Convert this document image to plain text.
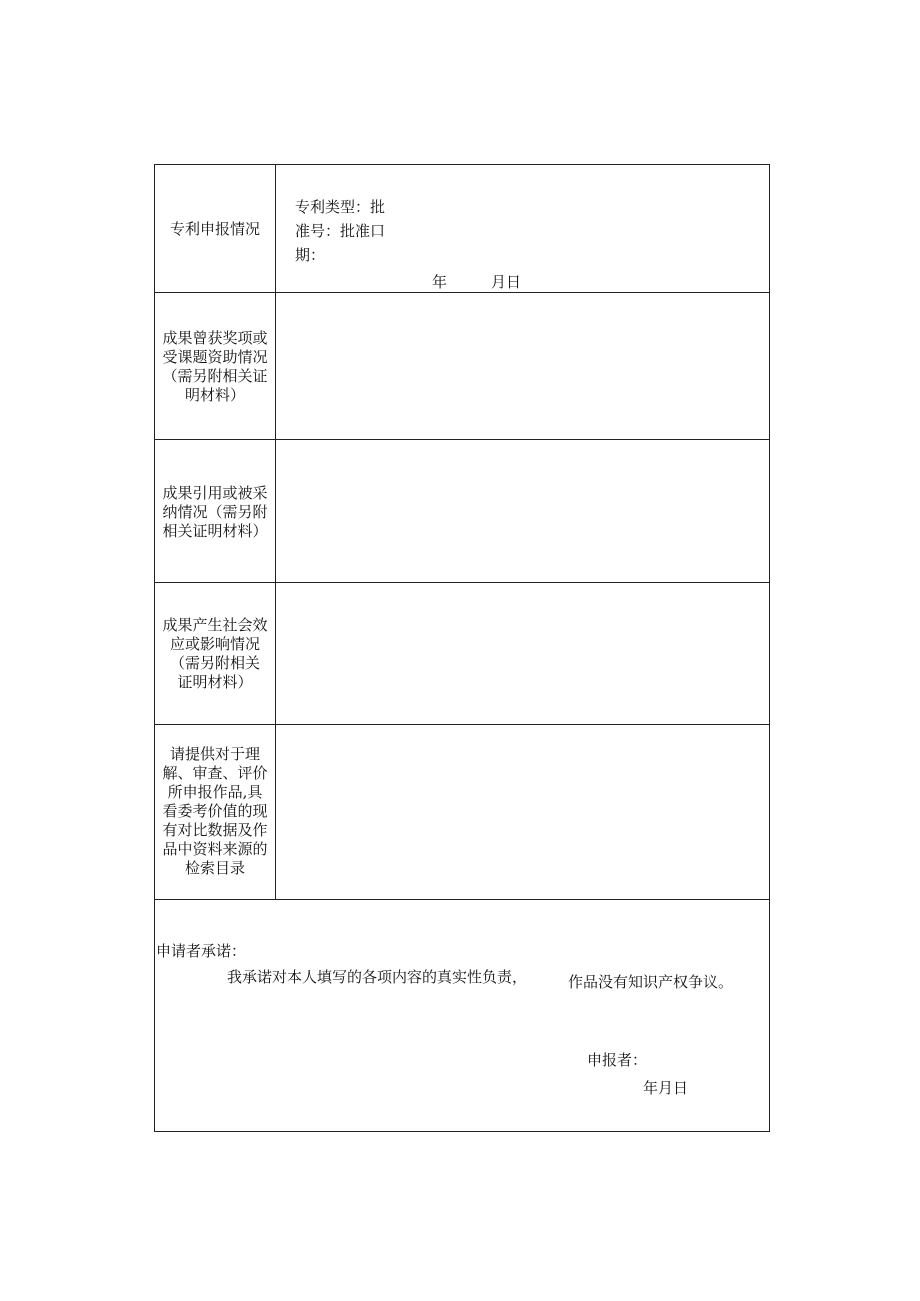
专利申报情况
专利类型：批
准号：批准口
期：
年	月日
成果曾获奖项或
受课题资助情况
（需另附相关证
明材料）
成果引用或被采
纳情况（需另附
相关证明材料）
成果产生社会效
应或影响情况
（需另附相关
证明材料）
请提供对于理
解、审查、评价
所申报作品,具
看委考价值的现
有对比数据及作
品中资料来源的
检索目录
申请者承诺：
我承诺对本人填写的各项内容的真实性负责，	作品没有知识产权争议。
申报者：
年月日
